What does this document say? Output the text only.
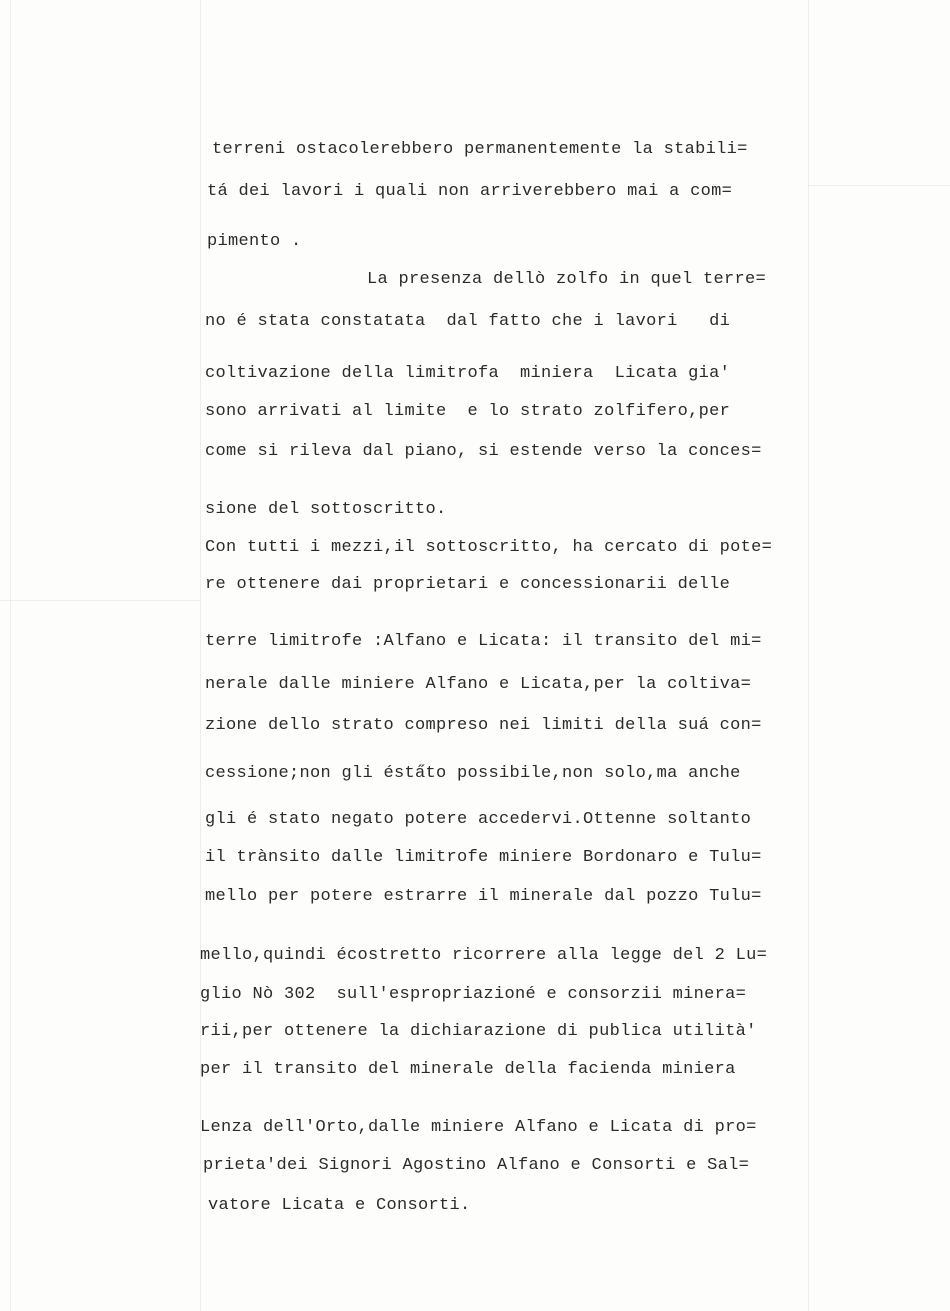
terreni ostacolerebbero permanentemente la stabili=
tá dei lavori i quali non arriverebbero mai a com=
pimento .
La presenza dellò zolfo in quel terre=
no é stata constatata  dal fatto che i lavori   di
coltivazione della limitrofa  miniera  Licata gia'
sono arrivati al limite  e lo strato zolfifero,per
come si rileva dal piano, si estende verso la conces=
sione del sottoscritto.
Con tutti i mezzi,il sottoscritto, ha cercato di pote=
re ottenere dai proprietari e concessionarii delle
terre limitrofe :Alfano e Licata: il transito del mi=
nerale dalle miniere Alfano e Licata,per la coltiva=
zione dello strato compreso nei limiti della suá con=
cessione;non gli ésta̋to possibile,non solo,ma anche
gli é stato negato potere accedervi.Ottenne soltanto
il trànsito dalle limitrofe miniere Bordonaro e Tulu=
mello per potere estrarre il minerale dal pozzo Tulu=
mello,quindi écostretto ricorrere alla legge del 2 Lu=
glio Nò 302  sull'espropriazioné e consorzii minera=
rii,per ottenere la dichiarazione di publica utilità'
per il transito del minerale della facienda miniera
Lenza dell'Orto,dalle miniere Alfano e Licata di pro=
prieta'dei Signori Agostino Alfano e Consorti e Sal=
vatore Licata e Consorti.
